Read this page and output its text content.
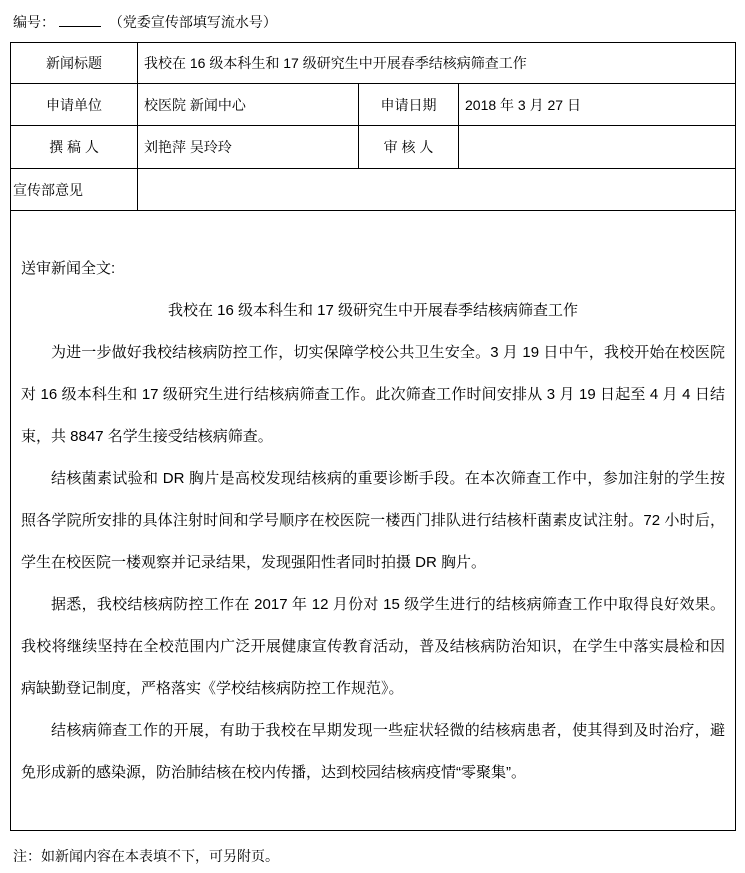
编号：	（党委宣传部填写流水号）
新闻标题	我校在 16 级本科生和 17 级研究生中开展春季结核病筛查工作		
申请单位	校医院 新闻中心	申请日期	2018 年 3 月 27 日
撰 稿 人	刘艳萍 吴玲玲	审 核 人	
宣传部意见			

送审新闻全文:
我校在 16 级本科生和 17 级研究生中开展春季结核病筛查工作

为进一步做好我校结核病防控工作，切实保障学校公共卫生安全。3 月 19 日中午，我校开始在校医院对 16 级本科生和 17 级研究生进行结核病筛查工作。此次筛查工作时间安排从 3 月 19 日起至 4 月 4 日结束，共 8847 名学生接受结核病筛查。

结核菌素试验和 DR 胸片是高校发现结核病的重要诊断手段。在本次筛查工作中，参加注射的学生按照各学院所安排的具体注射时间和学号顺序在校医院一楼西门排队进行结核杆菌素皮试注射。72 小时后，学生在校医院一楼观察并记录结果，发现强阳性者同时拍摄 DR 胸片。

据悉，我校结核病防控工作在 2017 年 12 月份对 15 级学生进行的结核病筛查工作中取得良好效果。我校将继续坚持在全校范围内广泛开展健康宣传教育活动，普及结核病防治知识，在学生中落实晨检和因病缺勤登记制度，严格落实《学校结核病防控工作规范》。

结核病筛查工作的开展，有助于我校在早期发现一些症状轻微的结核病患者，使其得到及时治疗，避免形成新的感染源，防治肺结核在校内传播，达到校园结核病疫情“零聚集”。

注：如新闻内容在本表填不下，可另附页。
